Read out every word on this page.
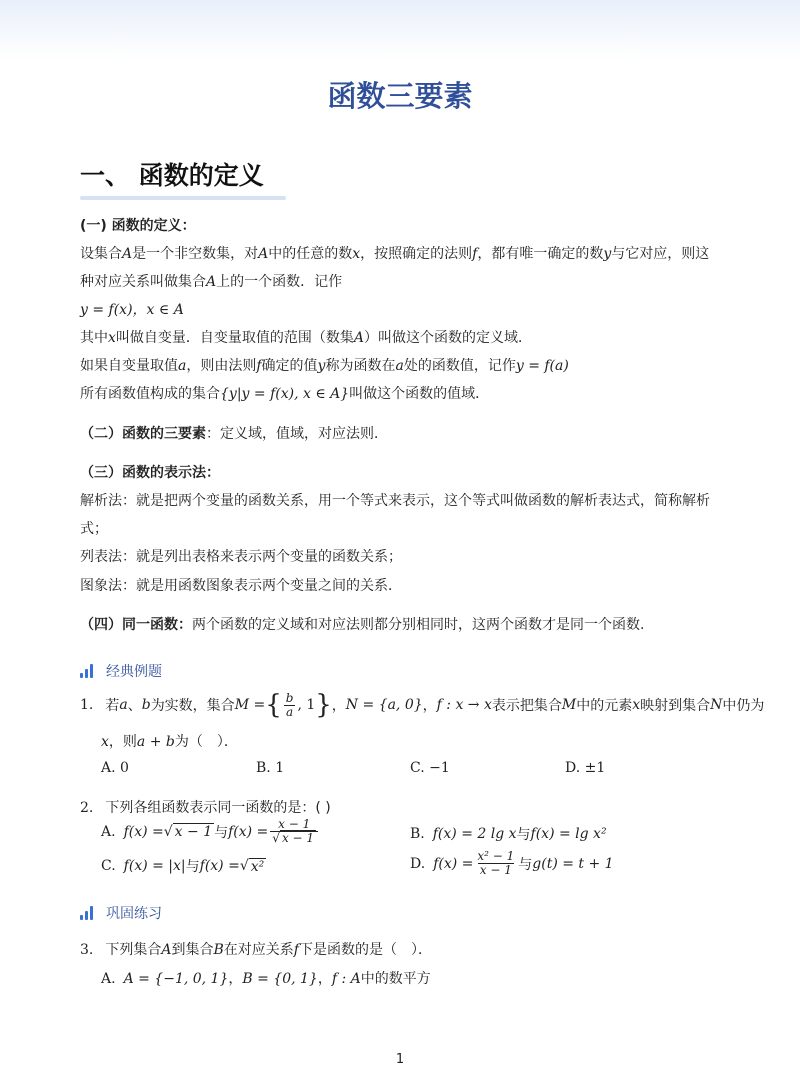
函数三要素
一、 函数的定义
(一) 函数的定义：
设集合A是一个非空数集，对A中的任意的数x，按照确定的法则f，都有唯一确定的数y与它对应，则这
种对应关系叫做集合A上的一个函数．记作
y = f(x)，x ∈ A
其中x叫做自变量．自变量取值的范围（数集A）叫做这个函数的定义域．
如果自变量取值a，则由法则f确定的值y称为函数在a处的函数值，记作y = f(a)
所有函数值构成的集合{y|y = f(x), x ∈ A}叫做这个函数的值域．
（二）函数的三要素：定义域，值域，对应法则．
（三）函数的表示法：
解析法：就是把两个变量的函数关系，用一个等式来表示，这个等式叫做函数的解析表达式，简称解析
式；
列表法：就是列出表格来表示两个变量的函数关系；
图象法：就是用函数图象表示两个变量之间的关系．
（四）同一函数：两个函数的定义域和对应法则都分别相同时，这两个函数才是同一个函数.
经典例题
1. 若 a 、 b 为实数，集合 M = { $\frac{b}{a}$ , 1 } ， N = {a, 0} ， f : x → x 表示把集合 M 中的元素 x 映射到集合 N 中仍为
x，则a + b为（　）．
A. 0	B. 1	C. −1	D. ±1
2. 下列各组函数表示同一函数的是：( )
A. f(x) = √ x − 1 与 $f(x) = \frac{x - 1}{√ x - 1}$	B. f(x) = 2 lg x 与 f(x) = lg x²
C. f(x) = |x| 与 f(x) = √ x²	D. $f(x) = \frac{\text{x² − 1}}{x - 1}$ 与 g(t) = t + 1
巩固练习
3. 下列集合A到集合B在对应关系f下是函数的是（　）．
A. A = {−1, 0, 1}，B = {0, 1}，f : A中的数平方
1
